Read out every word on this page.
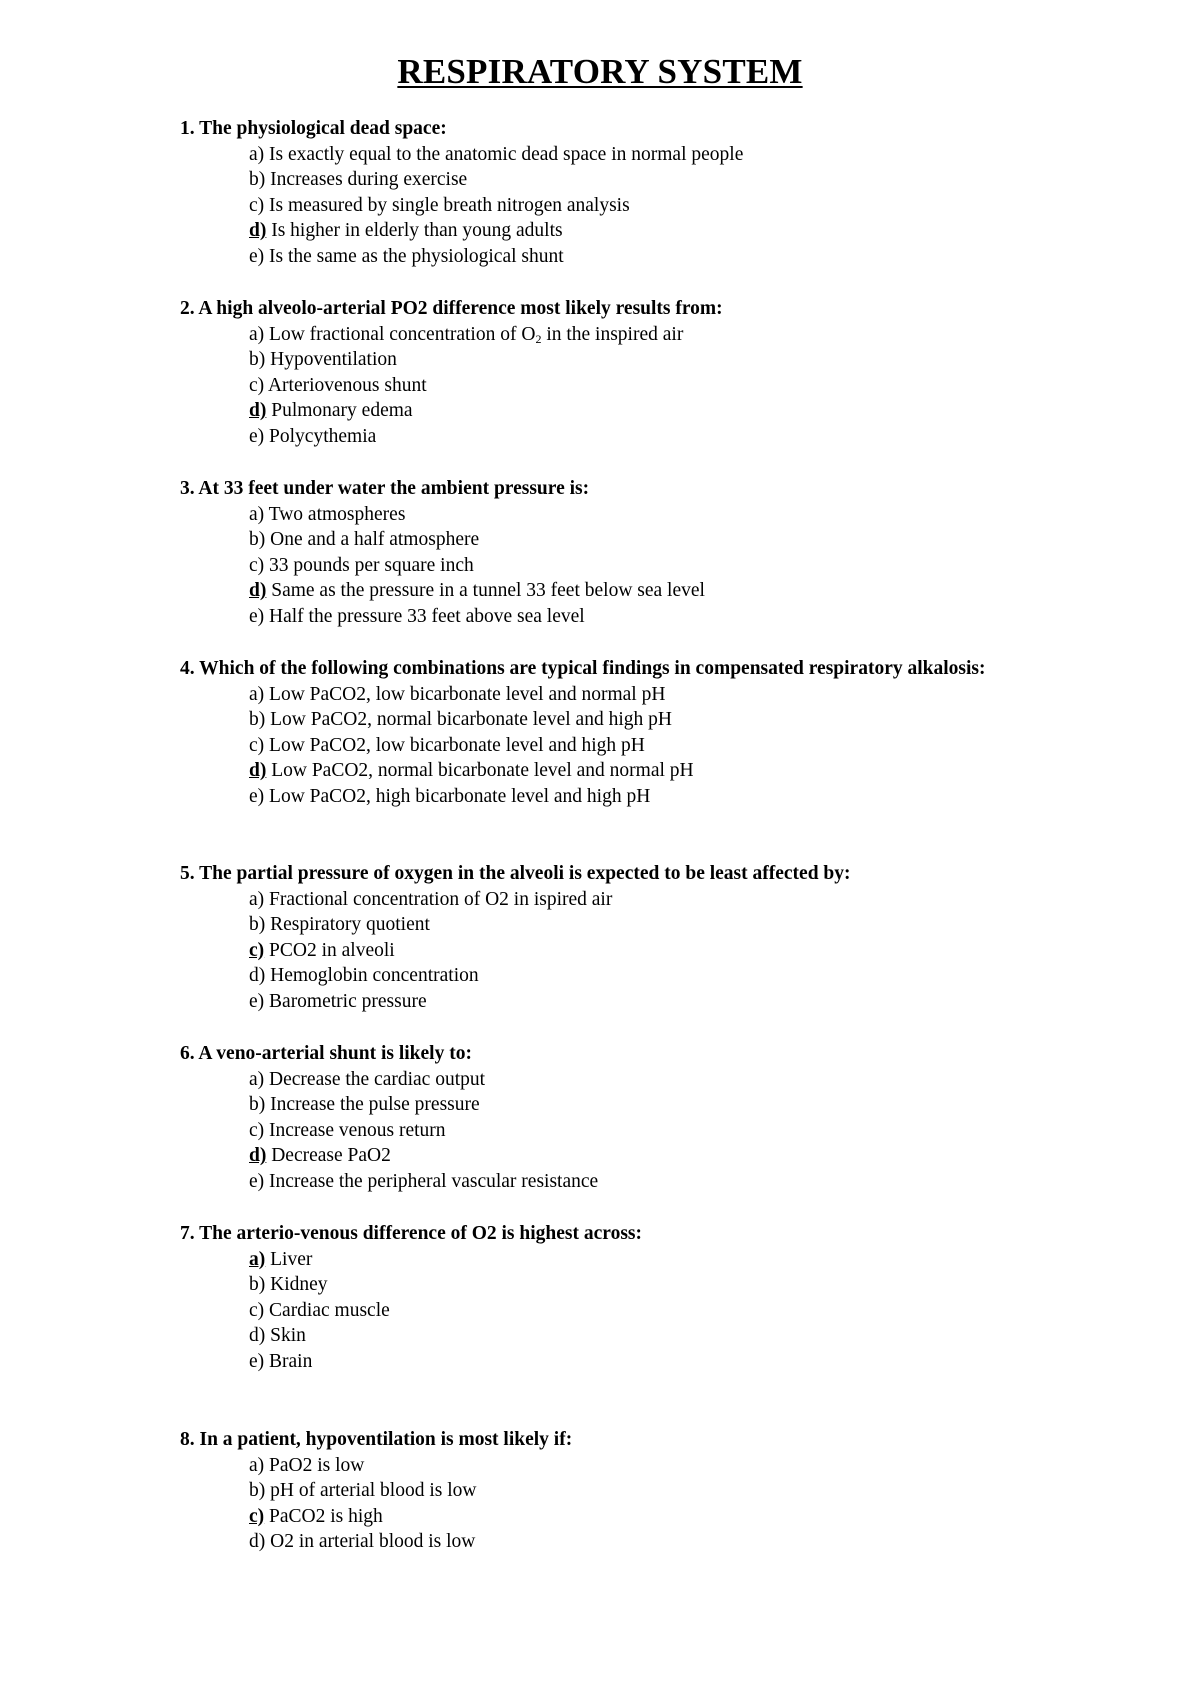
RESPIRATORY SYSTEM

1. The physiological dead space:

a) Is exactly equal to the anatomic dead space in normal people
b) Increases during exercise
c) Is measured by single breath nitrogen analysis
d) Is higher in elderly than young adults
e) Is the same as the physiological shunt

2. A high alveolo-arterial PO2 difference most likely results from:

a) Low fractional concentration of $O_2$ in the inspired air
b) Hypoventilation
c) Arteriovenous shunt
d) Pulmonary edema
e) Polycythemia

3. At 33 feet under water the ambient pressure is:

a) Two atmospheres
b) One and a half atmosphere
c) 33 pounds per square inch
d) Same as the pressure in a tunnel 33 feet below sea level
e) Half the pressure 33 feet above sea level

4. Which of the following combinations are typical findings in compensated respiratory alkalosis:

a) Low PaCO2, low bicarbonate level and normal pH
b) Low PaCO2, normal bicarbonate level and high pH
c) Low PaCO2, low bicarbonate level and high pH
d) Low PaCO2, normal bicarbonate level and normal pH
e) Low PaCO2, high bicarbonate level and high pH

5. The partial pressure of oxygen in the alveoli is expected to be least affected by:

a) Fractional concentration of O2 in ispired air
b) Respiratory quotient
c) PCO2 in alveoli
d) Hemoglobin concentration
e) Barometric pressure

6. A veno-arterial shunt is likely to:

a) Decrease the cardiac output
b) Increase the pulse pressure
c) Increase venous return
d) Decrease PaO2
e) Increase the peripheral vascular resistance

7. The arterio-venous difference of O2 is highest across:

a) Liver
b) Kidney
c) Cardiac muscle
d) Skin
e) Brain

8. In a patient, hypoventilation is most likely if:

a) PaO2 is low
b) pH of arterial blood is low
c) PaCO2 is high
d) O2 in arterial blood is low
